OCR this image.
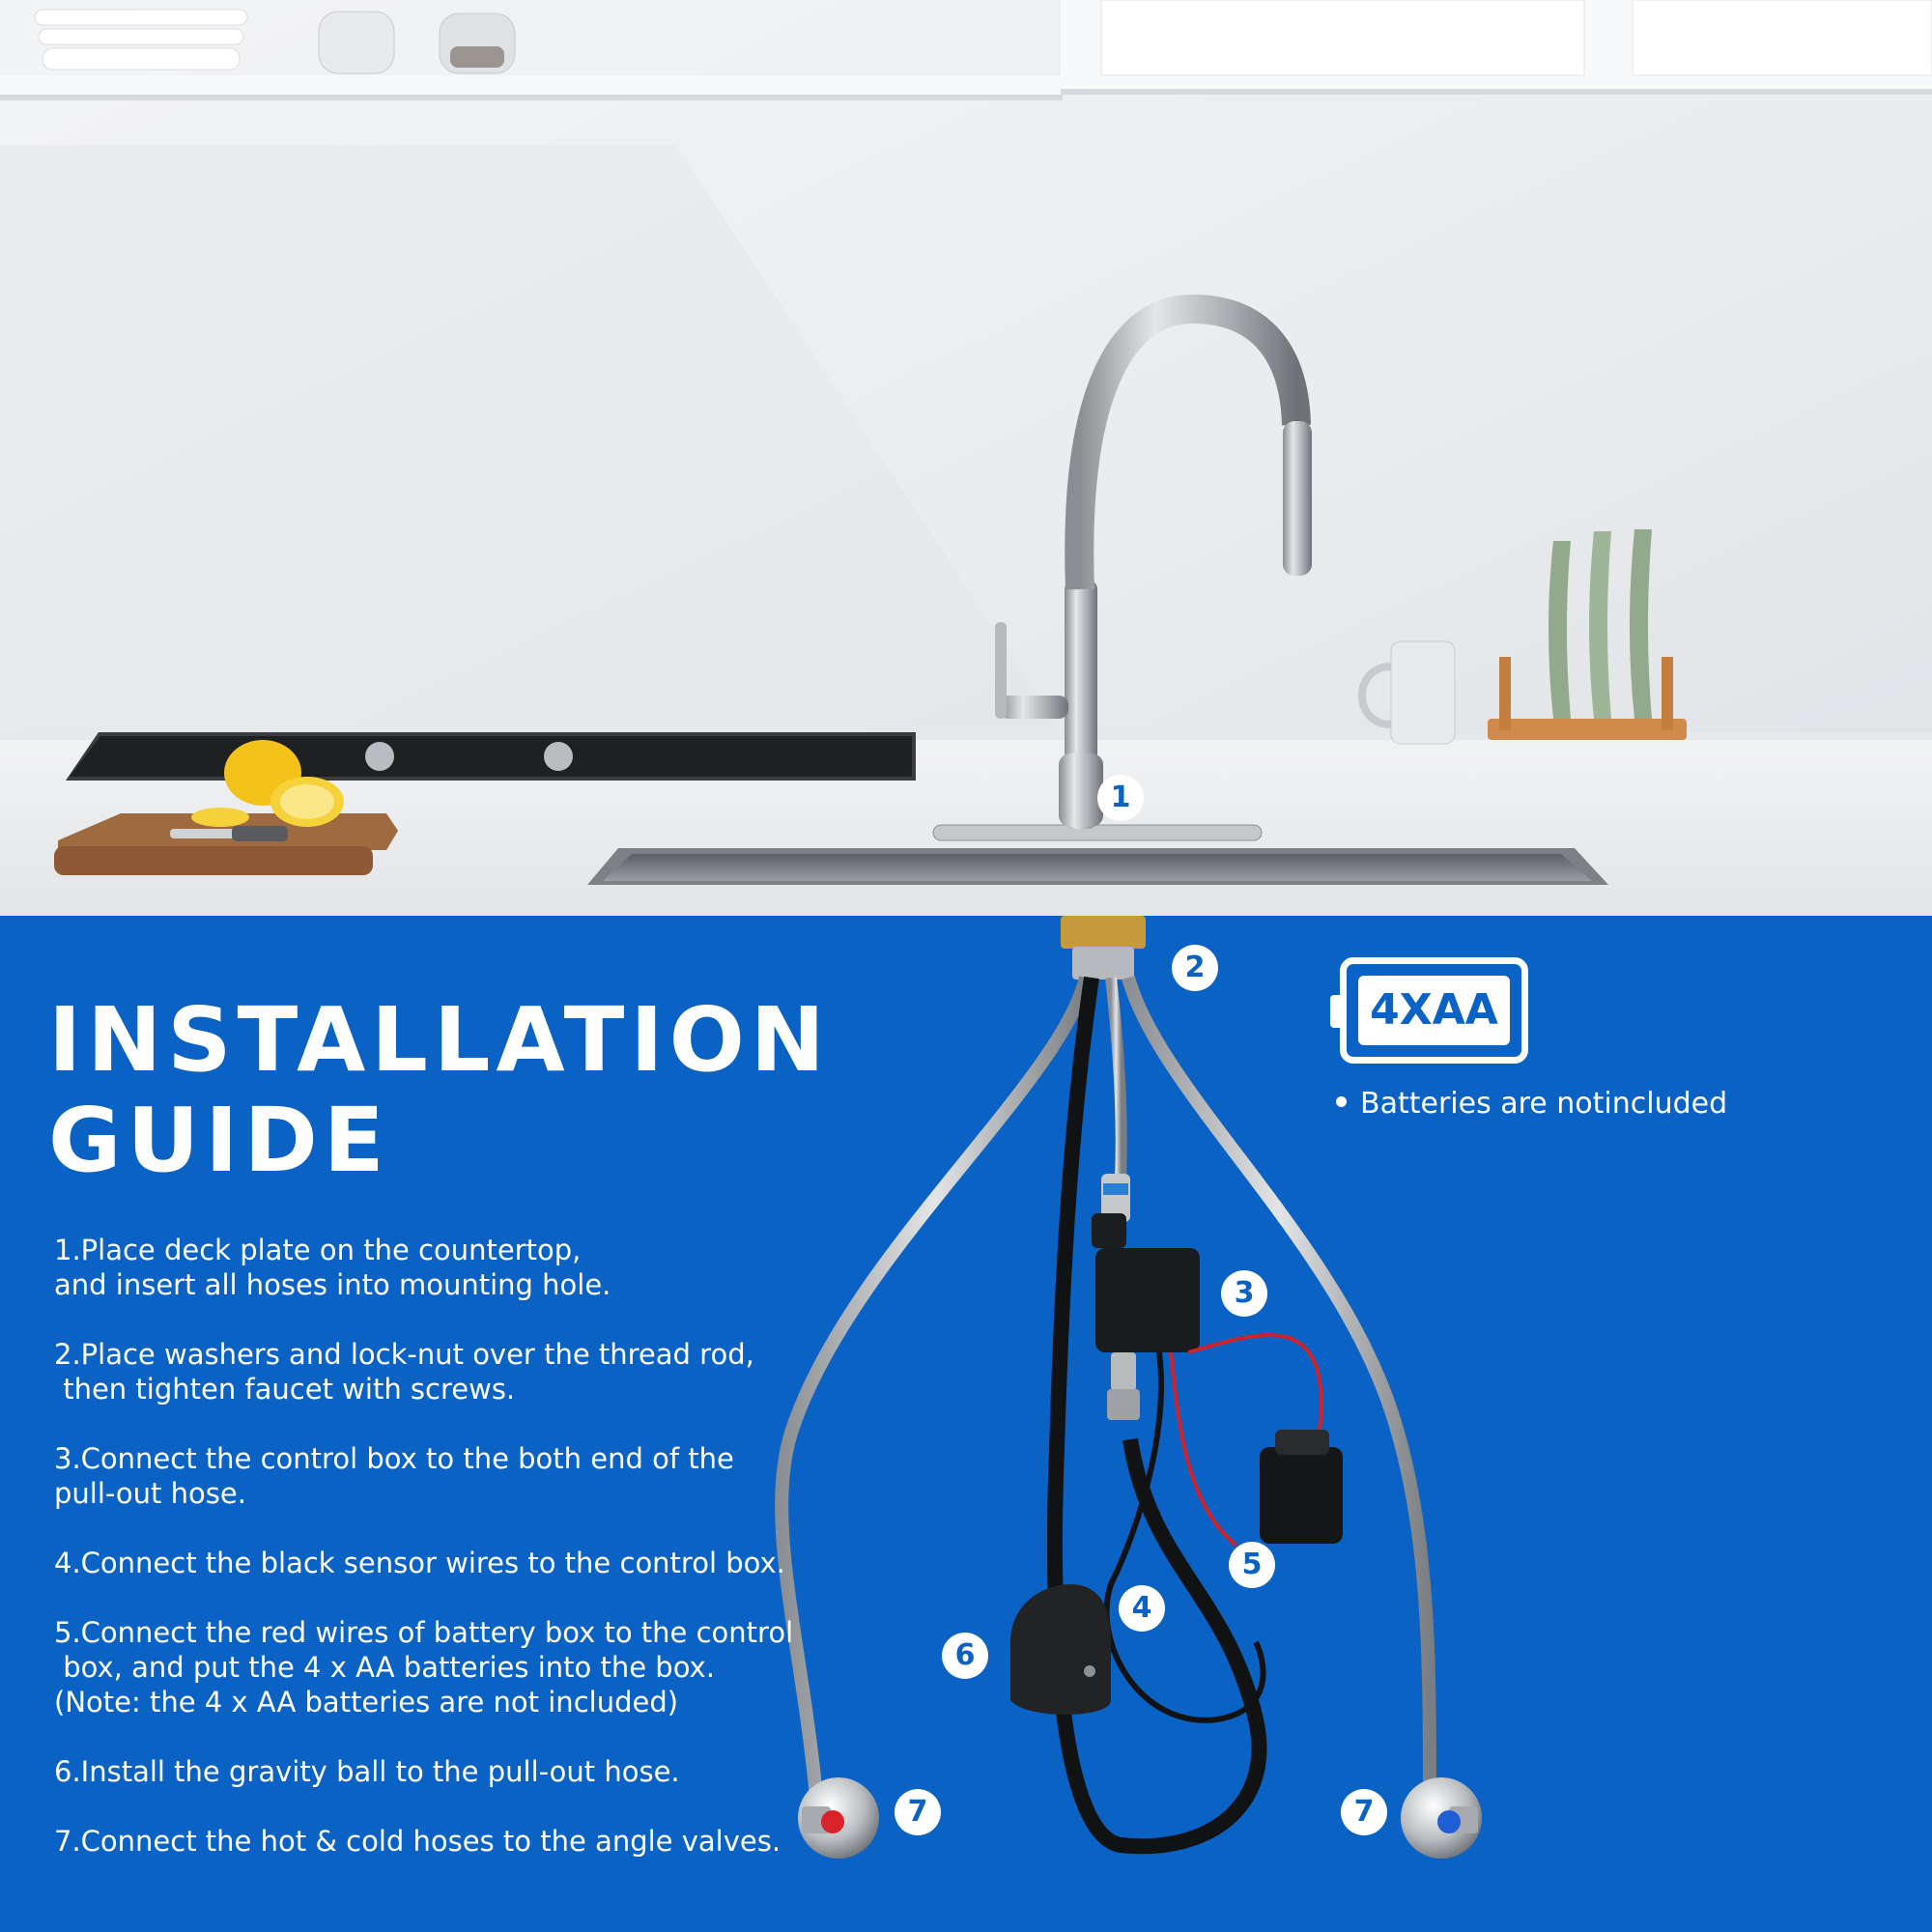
INSTALLATION
GUIDE

1.Place deck plate on the countertop,
and insert all hoses into mounting hole.

2.Place washers and lock-nut over the thread rod,
then tighten faucet with screws.

3.Connect the control box to the both end of the
pull-out hose.

4.Connect the black sensor wires to the control box.

5.Connect the red wires of battery box to the control
box, and put the 4 x AA batteries into the box.
(Note: the 4 x AA batteries are not included)

6.Install the gravity ball to the pull-out hose.

7.Connect the hot & cold hoses to the angle valves.

4XAA
Batteries are notincluded
1
2
3
4
5
6
7	7
